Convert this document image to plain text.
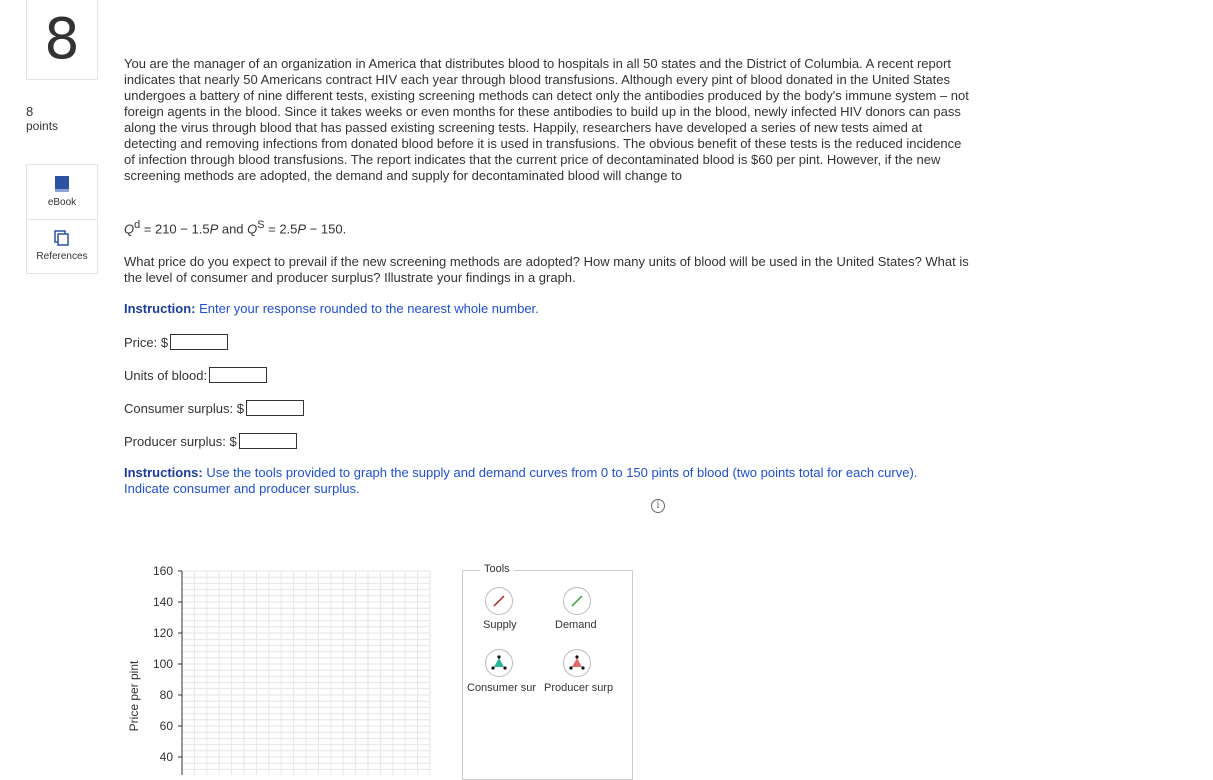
8
8
points
eBook
References

You are the manager of an organization in America that distributes blood to hospitals in all 50 states and the District of Columbia. A recent report indicates that nearly 50 Americans contract HIV each year through blood transfusions. Although every pint of blood donated in the United States undergoes a battery of nine different tests, existing screening methods can detect only the antibodies produced by the body's immune system – not foreign agents in the blood. Since it takes weeks or even months for these antibodies to build up in the blood, newly infected HIV donors can pass along the virus through blood that has passed existing screening tests. Happily, researchers have developed a series of new tests aimed at detecting and removing infections from donated blood before it is used in transfusions. The obvious benefit of these tests is the reduced incidence of infection through blood transfusions. The report indicates that the current price of decontaminated blood is $60 per pint. However, if the new screening methods are adopted, the demand and supply for decontaminated blood will change to

$Q^d = 210 - 1.5P$ and $Q^S = 2.5P - 150$.
What price do you expect to prevail if the new screening methods are adopted? How many units of blood will be used in the United States? What is the level of consumer and producer surplus? Illustrate your findings in a graph.
Instruction: Enter your response rounded to the nearest whole number.
Price: $
Units of blood:
Consumer surplus: $
Producer surplus: $
Instructions: Use the tools provided to graph the supply and demand curves from 0 to 150 pints of blood (two points total for each curve). Indicate consumer and producer surplus.
i
160
140
120
100
80
60
40
Price per pint
Tools
Supply	Demand
Consumer sur Producer surp
